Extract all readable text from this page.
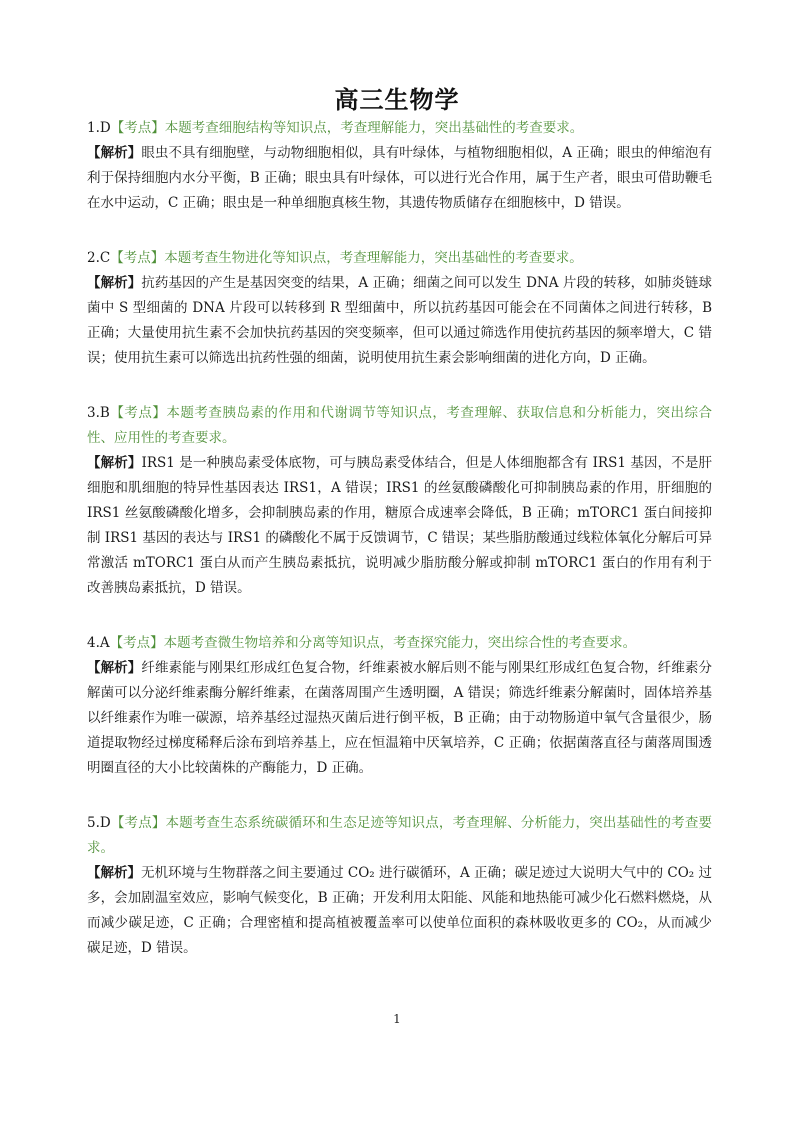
高三生物学
1.D【考点】本题考查细胞结构等知识点，考查理解能力，突出基础性的考查要求。
【解析】眼虫不具有细胞壁，与动物细胞相似，具有叶绿体，与植物细胞相似，A 正确；眼虫的伸缩泡有利于保持细胞内水分平衡，B 正确；眼虫具有叶绿体，可以进行光合作用，属于生产者，眼虫可借助鞭毛在水中运动，C 正确；眼虫是一种单细胞真核生物，其遗传物质储存在细胞核中，D 错误。
2.C【考点】本题考查生物进化等知识点，考查理解能力，突出基础性的考查要求。
【解析】抗药基因的产生是基因突变的结果，A 正确；细菌之间可以发生 DNA 片段的转移，如肺炎链球菌中 S 型细菌的 DNA 片段可以转移到 R 型细菌中，所以抗药基因可能会在不同菌体之间进行转移，B 正确；大量使用抗生素不会加快抗药基因的突变频率，但可以通过筛选作用使抗药基因的频率增大，C 错误；使用抗生素可以筛选出抗药性强的细菌，说明使用抗生素会影响细菌的进化方向，D 正确。
3.B【考点】本题考查胰岛素的作用和代谢调节等知识点，考查理解、获取信息和分析能力，突出综合性、应用性的考查要求。
【解析】IRS1 是一种胰岛素受体底物，可与胰岛素受体结合，但是人体细胞都含有 IRS1 基因，不是肝细胞和肌细胞的特异性基因表达 IRS1，A 错误；IRS1 的丝氨酸磷酸化可抑制胰岛素的作用，肝细胞的 IRS1 丝氨酸磷酸化增多，会抑制胰岛素的作用，糖原合成速率会降低，B 正确；mTORC1 蛋白间接抑制 IRS1 基因的表达与 IRS1 的磷酸化不属于反馈调节，C 错误；某些脂肪酸通过线粒体氧化分解后可异常激活 mTORC1 蛋白从而产生胰岛素抵抗，说明减少脂肪酸分解或抑制 mTORC1 蛋白的作用有利于改善胰岛素抵抗，D 错误。
4.A【考点】本题考查微生物培养和分离等知识点，考查探究能力，突出综合性的考查要求。
【解析】纤维素能与刚果红形成红色复合物，纤维素被水解后则不能与刚果红形成红色复合物，纤维素分解菌可以分泌纤维素酶分解纤维素，在菌落周围产生透明圈，A 错误；筛选纤维素分解菌时，固体培养基以纤维素作为唯一碳源，培养基经过湿热灭菌后进行倒平板，B 正确；由于动物肠道中氧气含量很少，肠道提取物经过梯度稀释后涂布到培养基上，应在恒温箱中厌氧培养，C 正确；依据菌落直径与菌落周围透明圈直径的大小比较菌株的产酶能力，D 正确。
5.D【考点】本题考查生态系统碳循环和生态足迹等知识点，考查理解、分析能力，突出基础性的考查要求。
【解析】无机环境与生物群落之间主要通过 CO₂ 进行碳循环，A 正确；碳足迹过大说明大气中的 CO₂ 过多，会加剧温室效应，影响气候变化，B 正确；开发利用太阳能、风能和地热能可减少化石燃料燃烧，从而减少碳足迹，C 正确；合理密植和提高植被覆盖率可以使单位面积的森林吸收更多的 CO₂，从而减少碳足迹，D 错误。
1
